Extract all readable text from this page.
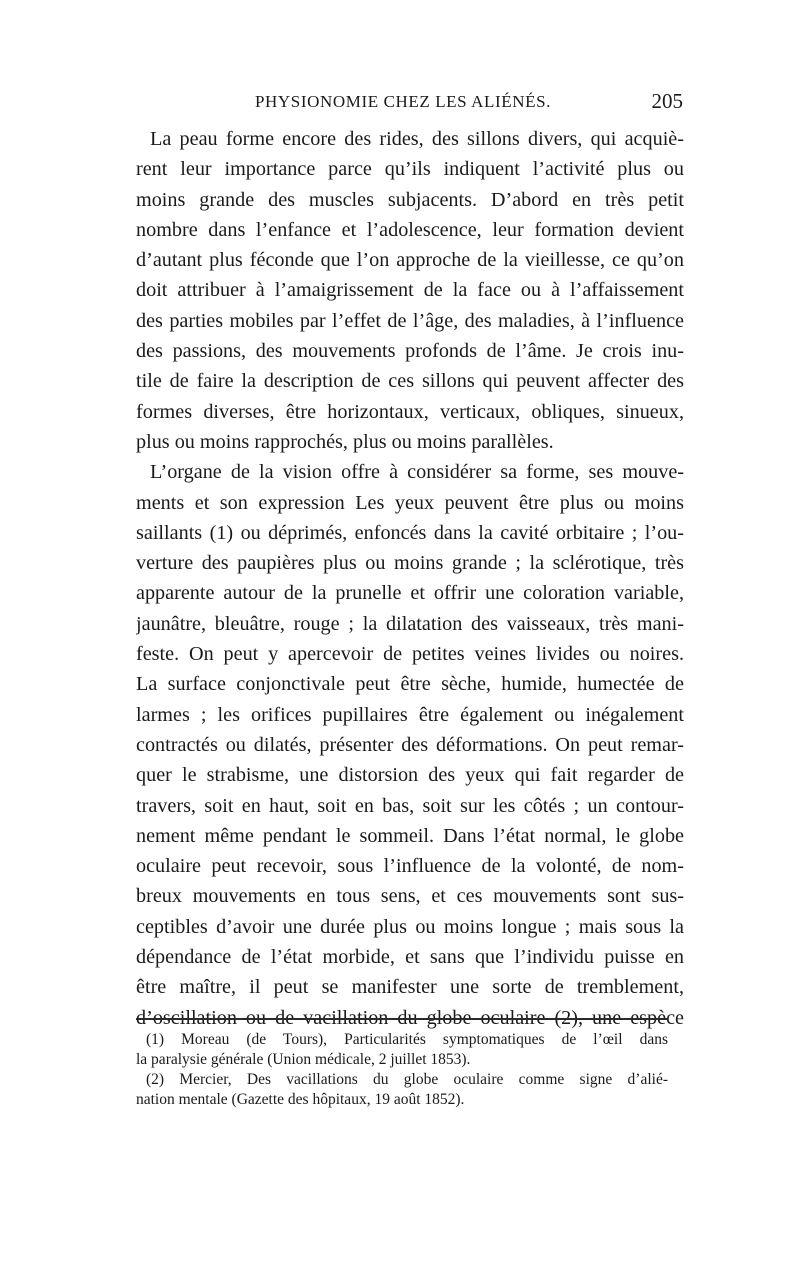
PHYSIONOMIE CHEZ LES ALIÉNÉS.	205
La peau forme encore des rides, des sillons divers, qui acquiè-
rent leur importance parce qu’ils indiquent l’activité plus ou
moins grande des muscles subjacents. D’abord en très petit
nombre dans l’enfance et l’adolescence, leur formation devient
d’autant plus féconde que l’on approche de la vieillesse, ce qu’on
doit attribuer à l’amaigrissement de la face ou à l’affaissement
des parties mobiles par l’effet de l’âge, des maladies, à l’influence
des passions, des mouvements profonds de l’âme. Je crois inu-
tile de faire la description de ces sillons qui peuvent affecter des
formes diverses, être horizontaux, verticaux, obliques, sinueux,
plus ou moins rapprochés, plus ou moins parallèles.
L’organe de la vision offre à considérer sa forme, ses mouve-
ments et son expression Les yeux peuvent être plus ou moins
saillants (1) ou déprimés, enfoncés dans la cavité orbitaire ; l’ou-
verture des paupières plus ou moins grande ; la sclérotique, très
apparente autour de la prunelle et offrir une coloration variable,
jaunâtre, bleuâtre, rouge ; la dilatation des vaisseaux, très mani-
feste. On peut y apercevoir de petites veines livides ou noires.
La surface conjonctivale peut être sèche, humide, humectée de
larmes ; les orifices pupillaires être également ou inégalement
contractés ou dilatés, présenter des déformations. On peut remar-
quer le strabisme, une distorsion des yeux qui fait regarder de
travers, soit en haut, soit en bas, soit sur les côtés ; un contour-
nement même pendant le sommeil. Dans l’état normal, le globe
oculaire peut recevoir, sous l’influence de la volonté, de nom-
breux mouvements en tous sens, et ces mouvements sont sus-
ceptibles d’avoir une durée plus ou moins longue ; mais sous la
dépendance de l’état morbide, et sans que l’individu puisse en
être maître, il peut se manifester une sorte de tremblement,
d’oscillation ou de vacillation du globe oculaire (2), une espèce
(1) Moreau (de Tours), Particularités symptomatiques de l’œil dans
la paralysie générale (Union médicale, 2 juillet 1853).
(2) Mercier, Des vacillations du globe oculaire comme signe d’alié-
nation mentale (Gazette des hôpitaux, 19 août 1852).
